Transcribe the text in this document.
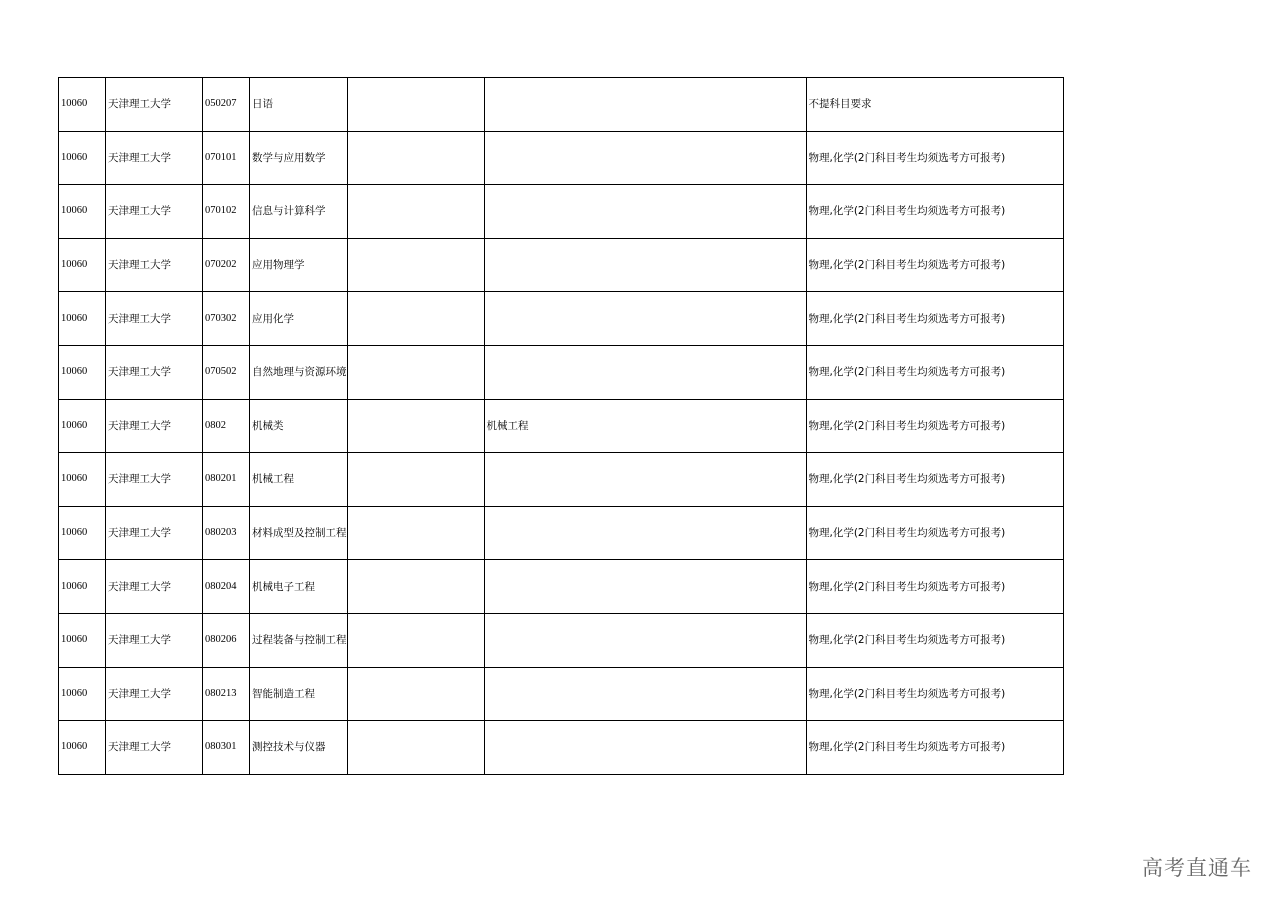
10060	天津理工大学	050207	日语			不提科目要求
10060	天津理工大学	070101	数学与应用数学			物理,化学(2门科目考生均须选考方可报考)
10060	天津理工大学	070102	信息与计算科学			物理,化学(2门科目考生均须选考方可报考)
10060	天津理工大学	070202	应用物理学			物理,化学(2门科目考生均须选考方可报考)
10060	天津理工大学	070302	应用化学			物理,化学(2门科目考生均须选考方可报考)
10060	天津理工大学	070502	自然地理与资源环境			物理,化学(2门科目考生均须选考方可报考)
10060	天津理工大学	0802	机械类		机械工程	物理,化学(2门科目考生均须选考方可报考)
10060	天津理工大学	080201	机械工程			物理,化学(2门科目考生均须选考方可报考)
10060	天津理工大学	080203	材料成型及控制工程			物理,化学(2门科目考生均须选考方可报考)
10060	天津理工大学	080204	机械电子工程			物理,化学(2门科目考生均须选考方可报考)
10060	天津理工大学	080206	过程装备与控制工程			物理,化学(2门科目考生均须选考方可报考)
10060	天津理工大学	080213	智能制造工程			物理,化学(2门科目考生均须选考方可报考)
10060	天津理工大学	080301	测控技术与仪器			物理,化学(2门科目考生均须选考方可报考)
高考直通车
